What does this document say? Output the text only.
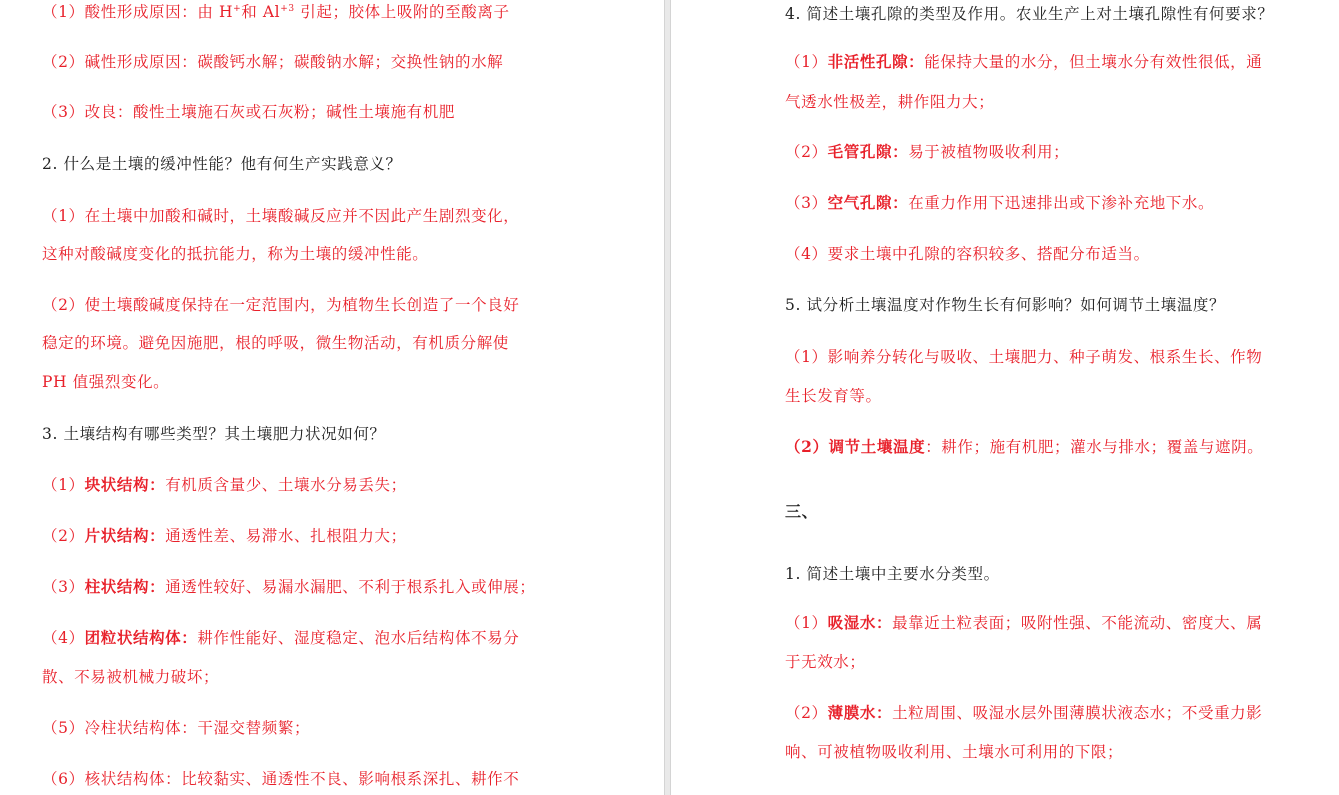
（1）酸性形成原因：由 H+和 $Al^{+3}$ 引起；胶体上吸附的至酸离子

（2）碱性形成原因：碳酸钙水解；碳酸钠水解；交换性钠的水解

（3）改良：酸性土壤施石灰或石灰粉；碱性土壤施有机肥

2. 什么是土壤的缓冲性能？他有何生产实践意义？

（1）在土壤中加酸和碱时，土壤酸碱反应并不因此产生剧烈变化，

这种对酸碱度变化的抵抗能力，称为土壤的缓冲性能。

（2）使土壤酸碱度保持在一定范围内，为植物生长创造了一个良好

稳定的环境。避免因施肥，根的呼吸，微生物活动，有机质分解使

PH 值强烈变化。

3. 土壤结构有哪些类型？其土壤肥力状况如何？

（1）块状结构：有机质含量少、土壤水分易丢失；

（2）片状结构：通透性差、易滞水、扎根阻力大；

（3）柱状结构：通透性较好、易漏水漏肥、不利于根系扎入或伸展；

（4）团粒状结构体：耕作性能好、湿度稳定、泡水后结构体不易分

散、不易被机械力破坏；

（5）冷柱状结构体：干湿交替频繁；

（6）核状结构体：比较黏实、通透性不良、影响根系深扎、耕作不

4. 简述土壤孔隙的类型及作用。农业生产上对土壤孔隙性有何要求？

（1）非活性孔隙：能保持大量的水分，但土壤水分有效性很低，通

气透水性极差，耕作阻力大；

（2）毛管孔隙：易于被植物吸收利用；

（3）空气孔隙：在重力作用下迅速排出或下渗补充地下水。

（4）要求土壤中孔隙的容积较多、搭配分布适当。

5. 试分析土壤温度对作物生长有何影响？如何调节土壤温度？

（1）影响养分转化与吸收、土壤肥力、种子萌发、根系生长、作物

生长发育等。

（2）调节土壤温度：耕作；施有机肥；灌水与排水；覆盖与遮阴。

三、

1. 简述土壤中主要水分类型。

（1）吸湿水：最靠近土粒表面；吸附性强、不能流动、密度大、属

于无效水；

（2）薄膜水：土粒周围、吸湿水层外围薄膜状液态水；不受重力影

响、可被植物吸收利用、土壤水可利用的下限；
